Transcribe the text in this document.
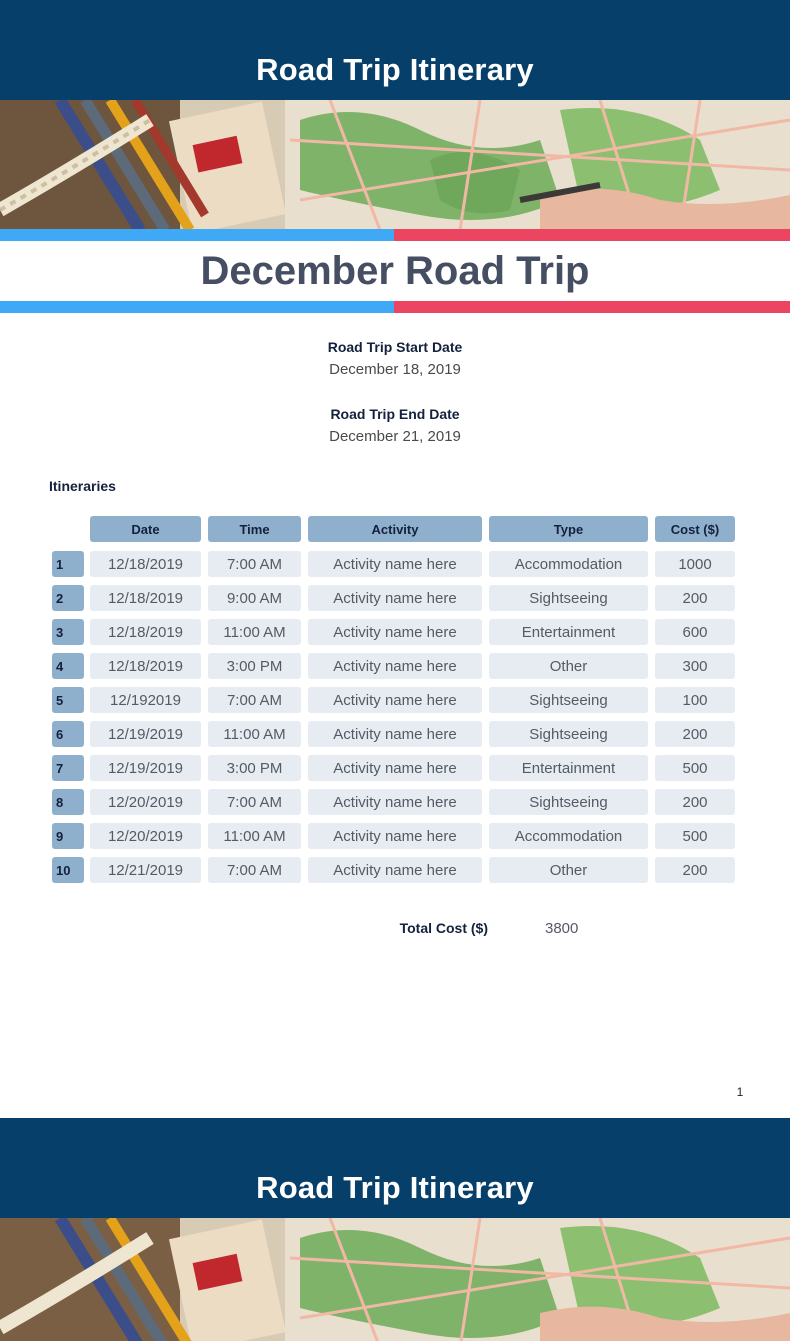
Road Trip Itinerary
December Road Trip
Road Trip Start Date
December 18, 2019
Road Trip End Date
December 21, 2019
Itineraries
Date	Time	Activity	Type	Cost ($)
1	12/18/2019	7:00 AM	Activity name here	Accommodation	1000
2	12/18/2019	9:00 AM	Activity name here	Sightseeing	200
3	12/18/2019	11:00 AM	Activity name here	Entertainment	600
4	12/18/2019	3:00 PM	Activity name here	Other	300
5	12/192019	7:00 AM	Activity name here	Sightseeing	100
6	12/19/2019	11:00 AM	Activity name here	Sightseeing	200
7	12/19/2019	3:00 PM	Activity name here	Entertainment	500
8	12/20/2019	7:00 AM	Activity name here	Sightseeing	200
9	12/20/2019	11:00 AM	Activity name here	Accommodation	500
10	12/21/2019	7:00 AM	Activity name here	Other	200
Total Cost ($)	3800
1
Road Trip Itinerary
